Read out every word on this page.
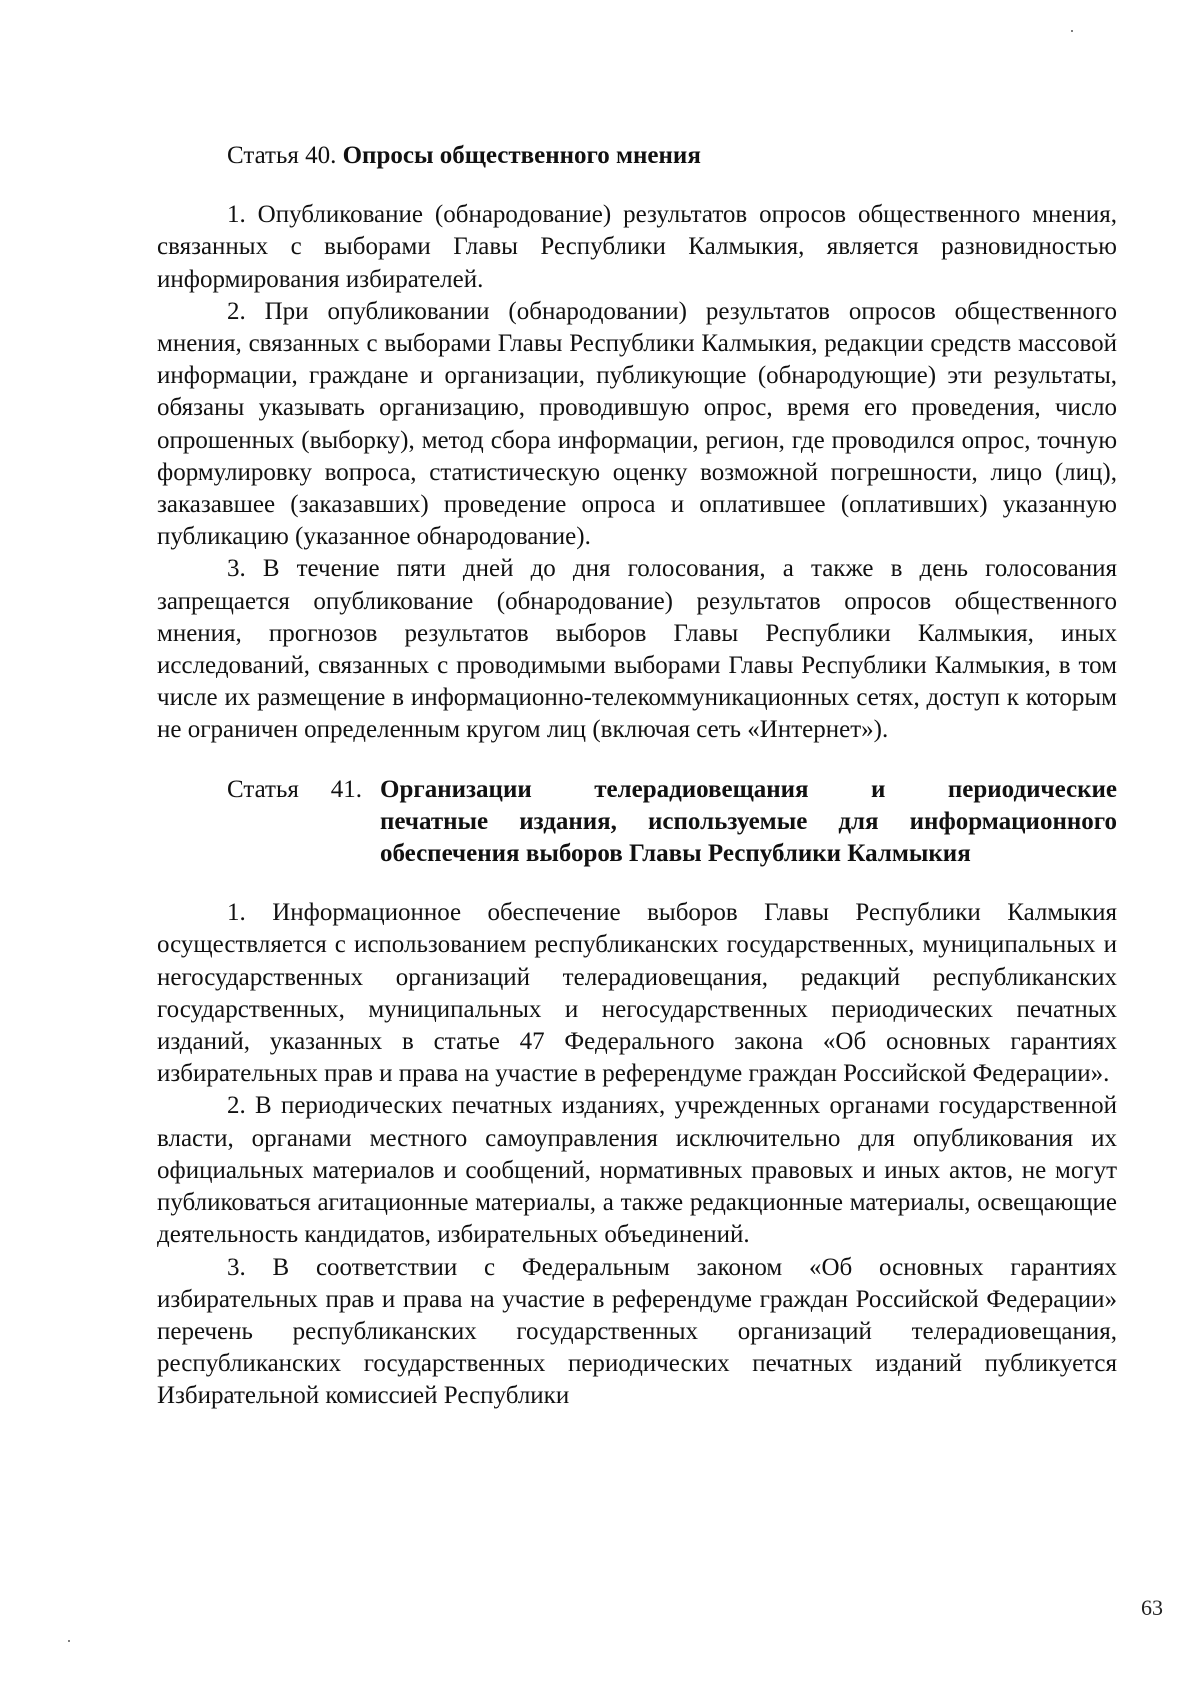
Статья 40. Опросы общественного мнения

1. Опубликование (обнародование) результатов опросов общественного мнения, связанных с выборами Главы Республики Калмыкия, является разновидностью информирования избирателей.

2. При опубликовании (обнародовании) результатов опросов общественного мнения, связанных с выборами Главы Республики Калмыкия, редакции средств массовой информации, граждане и организации, публикующие (обнародующие) эти результаты, обязаны указывать организацию, проводившую опрос, время его проведения, число опрошенных (выборку), метод сбора информации, регион, где проводился опрос, точную формулировку вопроса, статистическую оценку возможной погрешности, лицо (лиц), заказавшее (заказавших) проведение опроса и оплатившее (оплативших) указанную публикацию (указанное обнародование).

3. В течение пяти дней до дня голосования, а также в день голосования запрещается опубликование (обнародование) результатов опросов общественного мнения, прогнозов результатов выборов Главы Республики Калмыкия, иных исследований, связанных с проводимыми выборами Главы Республики Калмыкия, в том числе их размещение в информационно-телекоммуникационных сетях, доступ к которым не ограничен определенным кругом лиц (включая сеть «Интернет»).

Статья 41. Организации телерадиовещания и периодические
печатные издания, используемые для информационного
обеспечения выборов Главы Республики Калмыкия

1. Информационное обеспечение выборов Главы Республики Калмыкия осуществляется с использованием республиканских государственных, муниципальных и негосударственных организаций телерадиовещания, редакций республиканских государственных, муниципальных и негосударственных периодических печатных изданий, указанных в статье 47 Федерального закона «Об основных гарантиях избирательных прав и права на участие в референдуме граждан Российской Федерации».

2. В периодических печатных изданиях, учрежденных органами государственной власти, органами местного самоуправления исключительно для опубликования их официальных материалов и сообщений, нормативных правовых и иных актов, не могут публиковаться агитационные материалы, а также редакционные материалы, освещающие деятельность кандидатов, избирательных объединений.

3. В соответствии с Федеральным законом «Об основных гарантиях избирательных прав и права на участие в референдуме граждан Российской Федерации» перечень республиканских государственных организаций телерадиовещания, республиканских государственных периодических печатных изданий публикуется Избирательной комиссией Республики

63
